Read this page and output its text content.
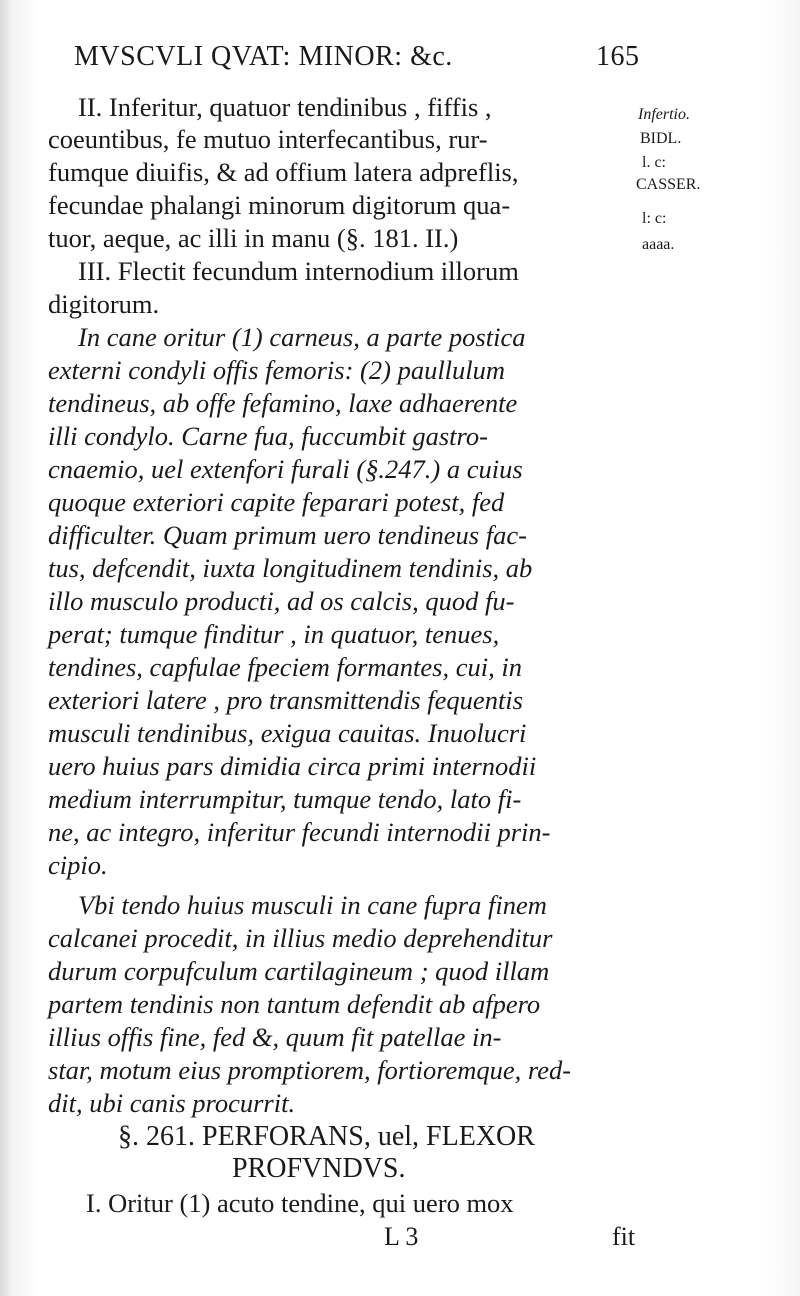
MVSCVLI QVAT: MINOR: &c.	165
Infertio.
BIDL.
l. c:
CASSER.
l: c:
aaaa.
II. Inferitur, quatuor tendinibus , fiffis ,
coeuntibus, fe mutuo interfecantibus, rur-
fumque diuifis, & ad offium latera adpreflis,
fecundae phalangi minorum digitorum qua-
tuor, aeque, ac illi in manu (§. 181. II.)
III. Flectit fecundum internodium illorum
digitorum.
In cane oritur (1) carneus, a parte postica
externi condyli offis femoris: (2) paullulum
tendineus, ab offe fefamino, laxe adhaerente
illi condylo. Carne fua, fuccumbit gastro-
cnaemio, uel extenfori furali (§.247.) a cuius
quoque exteriori capite feparari potest, fed
difficulter. Quam primum uero tendineus fac-
tus, defcendit, iuxta longitudinem tendinis, ab
illo musculo producti, ad os calcis, quod fu-
perat; tumque finditur , in quatuor, tenues,
tendines, capfulae fpeciem formantes, cui, in
exteriori latere , pro transmittendis fequentis
musculi tendinibus, exigua cauitas. Inuolucri
uero huius pars dimidia circa primi internodii
medium interrumpitur, tumque tendo, lato fi-
ne, ac integro, inferitur fecundi internodii prin-
cipio.
Vbi tendo huius musculi in cane fupra finem
calcanei procedit, in illius medio deprehenditur
durum corpufculum cartilagineum ; quod illam
partem tendinis non tantum defendit ab afpero
illius offis fine, fed &, quum fit patellae in-
star, motum eius promptiorem, fortioremque, red-
dit, ubi canis procurrit.
§. 261. PERFORANS, uel, FLEXOR
PROFVNDVS.
I. Oritur (1) acuto tendine, qui uero mox
L 3	fit
